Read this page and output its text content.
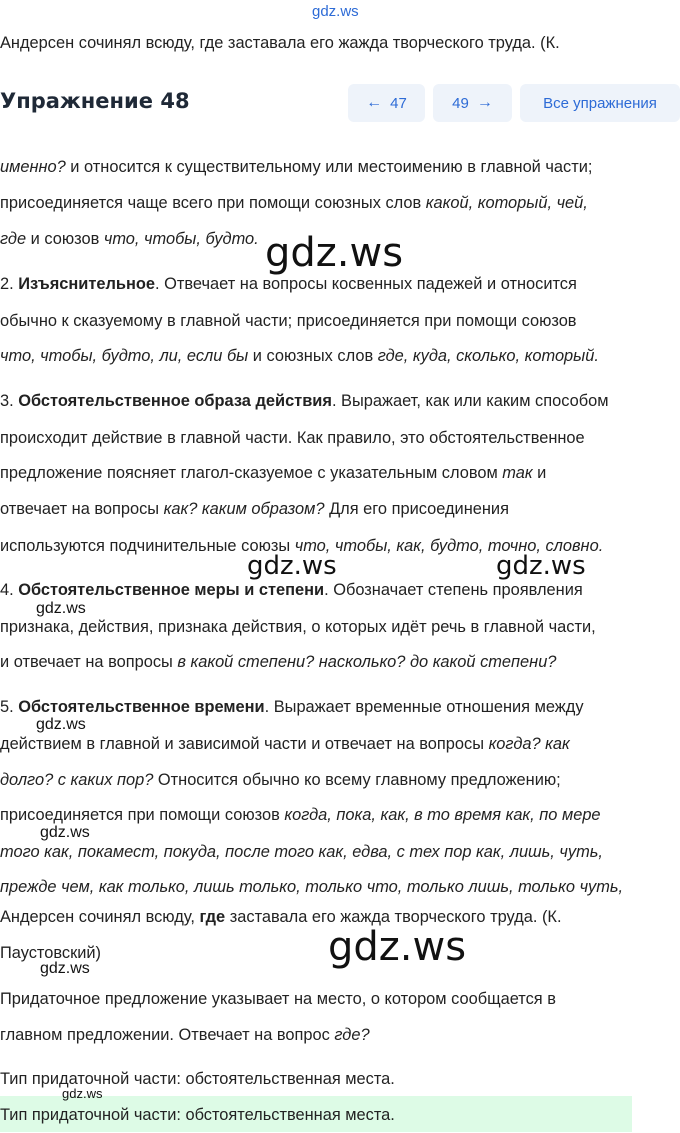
gdz.ws
Андерсен сочинял всюду, где заставала его жажда творческого труда. (К.
Упражнение 48	← 47	49 →	Все упражнения
именно? и относится к существительному или местоимению в главной части;
присоединяется чаще всего при помощи союзных слов какой, который, чей,
где и союзов что, чтобы, будто.
2. Изъяснительное. Отвечает на вопросы косвенных падежей и относится
обычно к сказуемому в главной части; присоединяется при помощи союзов
что, чтобы, будто, ли, если бы и союзных слов где, куда, сколько, который.
3. Обстоятельственное образа действия. Выражает, как или каким способом
происходит действие в главной части. Как правило, это обстоятельственное
предложение поясняет глагол-сказуемое с указательным словом так и
отвечает на вопросы как? каким образом? Для его присоединения
используются подчинительные союзы что, чтобы, как, будто, точно, словно.
4. Обстоятельственное меры и степени. Обозначает степень проявления
признака, действия, признака действия, о которых идёт речь в главной части,
и отвечает на вопросы в какой степени? насколько? до какой степени?
5. Обстоятельственное времени. Выражает временные отношения между
действием в главной и зависимой части и отвечает на вопросы когда? как
долго? с каких пор? Относится обычно ко всему главному предложению;
присоединяется при помощи союзов когда, пока, как, в то время как, по мере
того как, покамест, покуда, после того как, едва, с тех пор как, лишь, чуть,
прежде чем, как только, лишь только, только что, только лишь, только чуть,
Андерсен сочинял всюду, где заставала его жажда творческого труда. (К.
Паустовский)
Придаточное предложение указывает на место, о котором сообщается в
главном предложении. Отвечает на вопрос где?
Тип придаточной части: обстоятельственная места.
Тип придаточной части: обстоятельственная места.
gdz.ws
gdz.ws	gdz.ws
gdz.ws
gdz.ws
gdz.ws
gdz.ws
gdz.ws
gdz.ws
